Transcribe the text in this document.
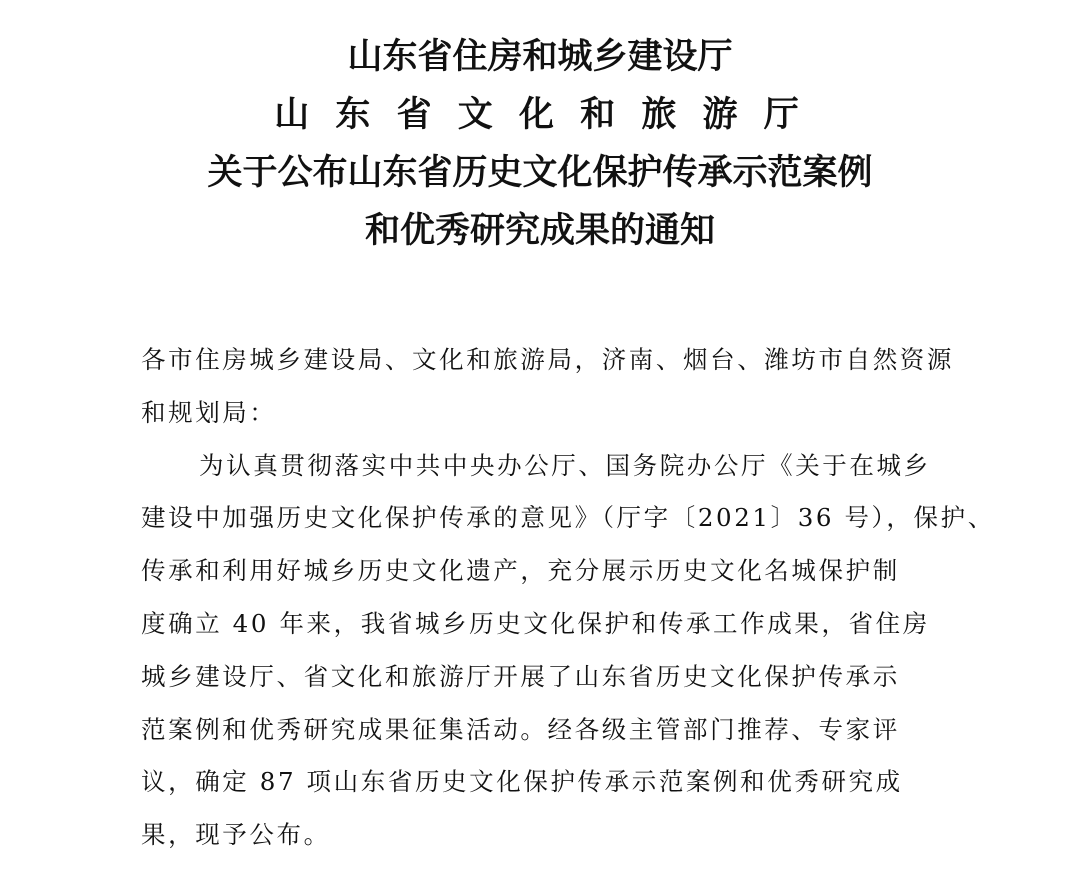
山东省住房和城乡建设厅
山 东 省 文 化 和 旅 游 厅
关于公布山东省历史文化保护传承示范案例
和优秀研究成果的通知
各市住房城乡建设局、文化和旅游局，济南、烟台、潍坊市自然资源
和规划局：
为认真贯彻落实中共中央办公厅、国务院办公厅《关于在城乡
建设中加强历史文化保护传承的意见》（厅字〔2021〕36 号），保护、
传承和利用好城乡历史文化遗产，充分展示历史文化名城保护制
度确立 40 年来，我省城乡历史文化保护和传承工作成果，省住房
城乡建设厅、省文化和旅游厅开展了山东省历史文化保护传承示
范案例和优秀研究成果征集活动。经各级主管部门推荐、专家评
议，确定 87 项山东省历史文化保护传承示范案例和优秀研究成
果，现予公布。
